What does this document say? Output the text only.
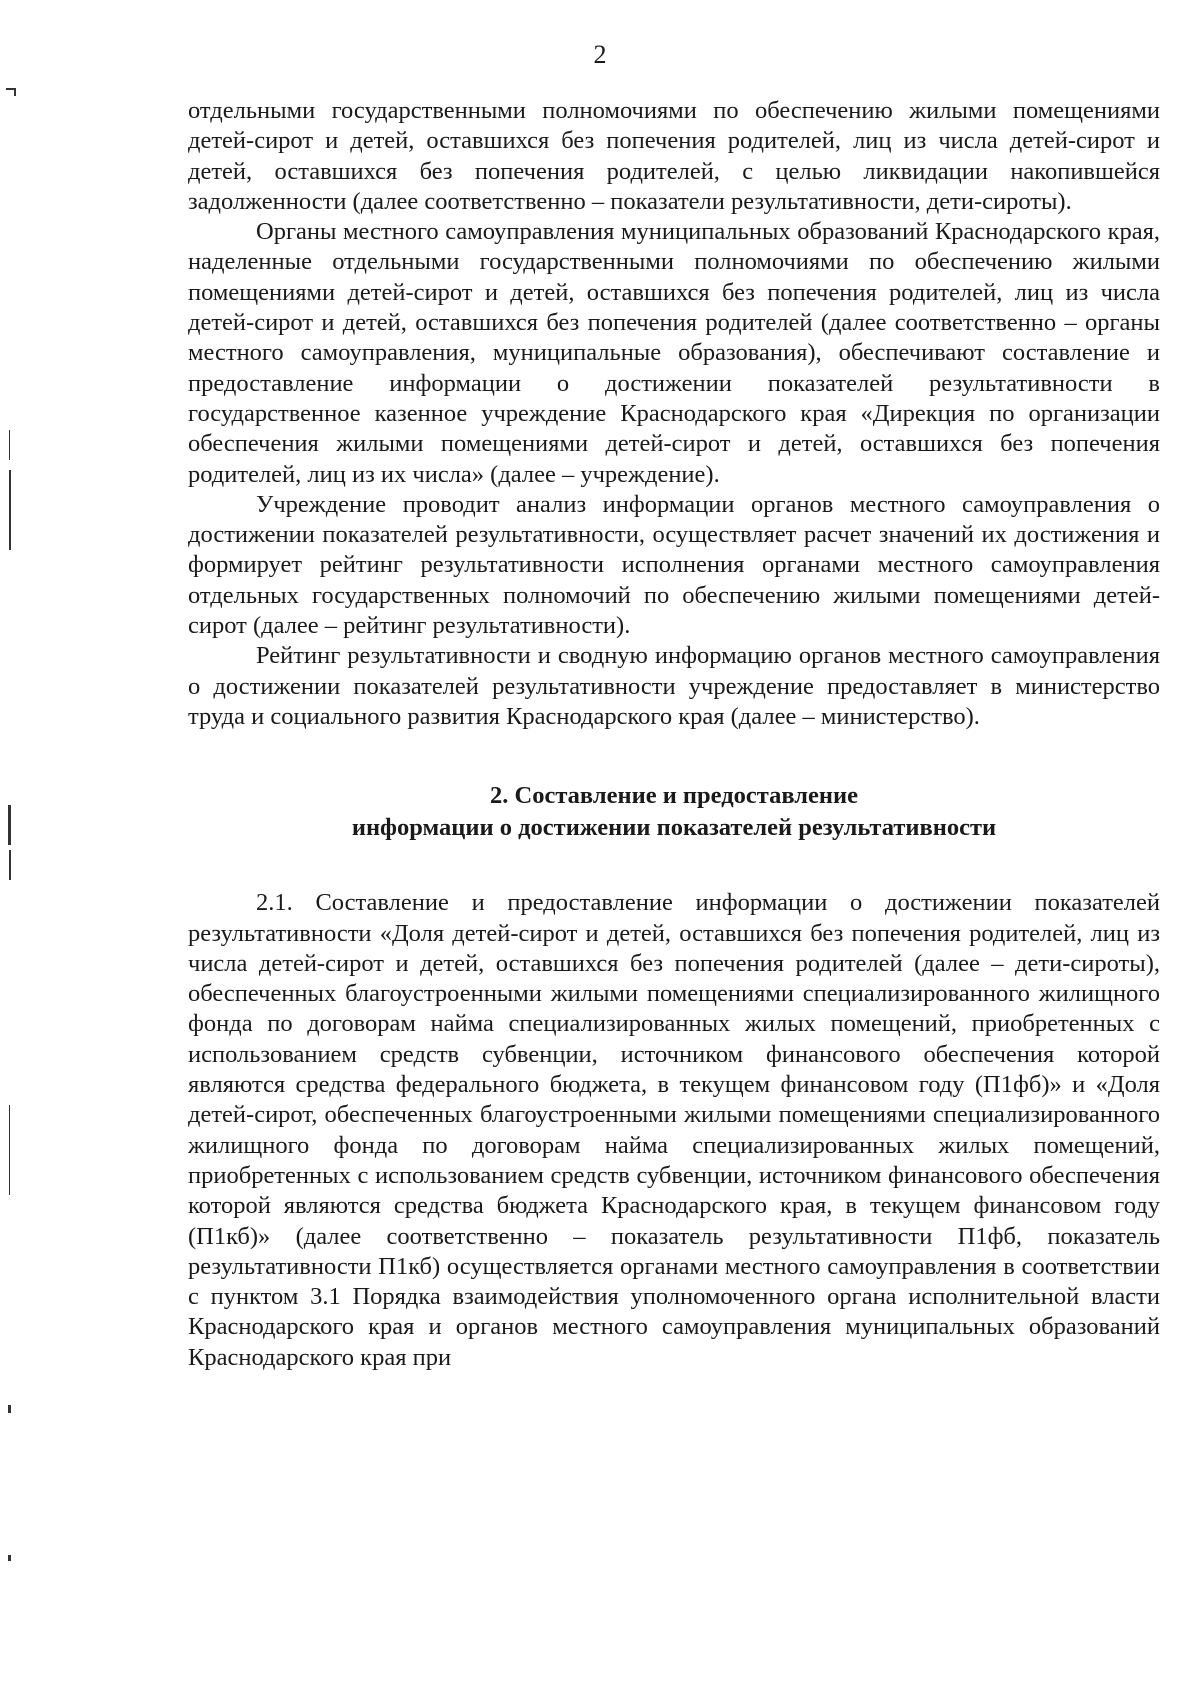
2

отдельными государственными полномочиями по обеспечению жилыми помещениями детей-сирот и детей, оставшихся без попечения родителей, лиц из числа детей-сирот и детей, оставшихся без попечения родителей, с целью ликвидации накопившейся задолженности (далее соответственно – показатели результативности, дети-сироты).

Органы местного самоуправления муниципальных образований Краснодарского края, наделенные отдельными государственными полномочиями по обеспечению жилыми помещениями детей-сирот и детей, оставшихся без попечения родителей, лиц из числа детей-сирот и детей, оставшихся без попечения родителей (далее соответственно – органы местного самоуправления, муниципальные образования), обеспечивают составление и предоставление информации о достижении показателей результативности в государственное казенное учреждение Краснодарского края «Дирекция по организации обеспечения жилыми помещениями детей-сирот и детей, оставшихся без попечения родителей, лиц из их числа» (далее – учреждение).

Учреждение проводит анализ информации органов местного самоуправления о достижении показателей результативности, осуществляет расчет значений их достижения и формирует рейтинг результативности исполнения органами местного самоуправления отдельных государственных полномочий по обеспечению жилыми помещениями детей-сирот (далее – рейтинг результативности).

Рейтинг результативности и сводную информацию органов местного самоуправления о достижении показателей результативности учреждение предоставляет в министерство труда и социального развития Краснодарского края (далее – министерство).

2. Составление и предоставление
информации о достижении показателей результативности

2.1. Составление и предоставление информации о достижении показателей результативности «Доля детей-сирот и детей, оставшихся без попечения родителей, лиц из числа детей-сирот и детей, оставшихся без попечения родителей (далее – дети-сироты), обеспеченных благоустроенными жилыми помещениями специализированного жилищного фонда по договорам найма специализированных жилых помещений, приобретенных с использованием средств субвенции, источником финансового обеспечения которой являются средства федерального бюджета, в текущем финансовом году (П1фб)» и «Доля детей-сирот, обеспеченных благоустроенными жилыми помещениями специализированного жилищного фонда по договорам найма специализированных жилых помещений, приобретенных с использованием средств субвенции, источником финансового обеспечения которой являются средства бюджета Краснодарского края, в текущем финансовом году (П1кб)» (далее соответственно – показатель результативности П1фб, показатель результативности П1кб) осуществляется органами местного самоуправления в соответствии с пунктом 3.1 Порядка взаимодействия уполномоченного органа исполнительной власти Краснодарского края и органов местного самоуправления муниципальных образований Краснодарского края при
